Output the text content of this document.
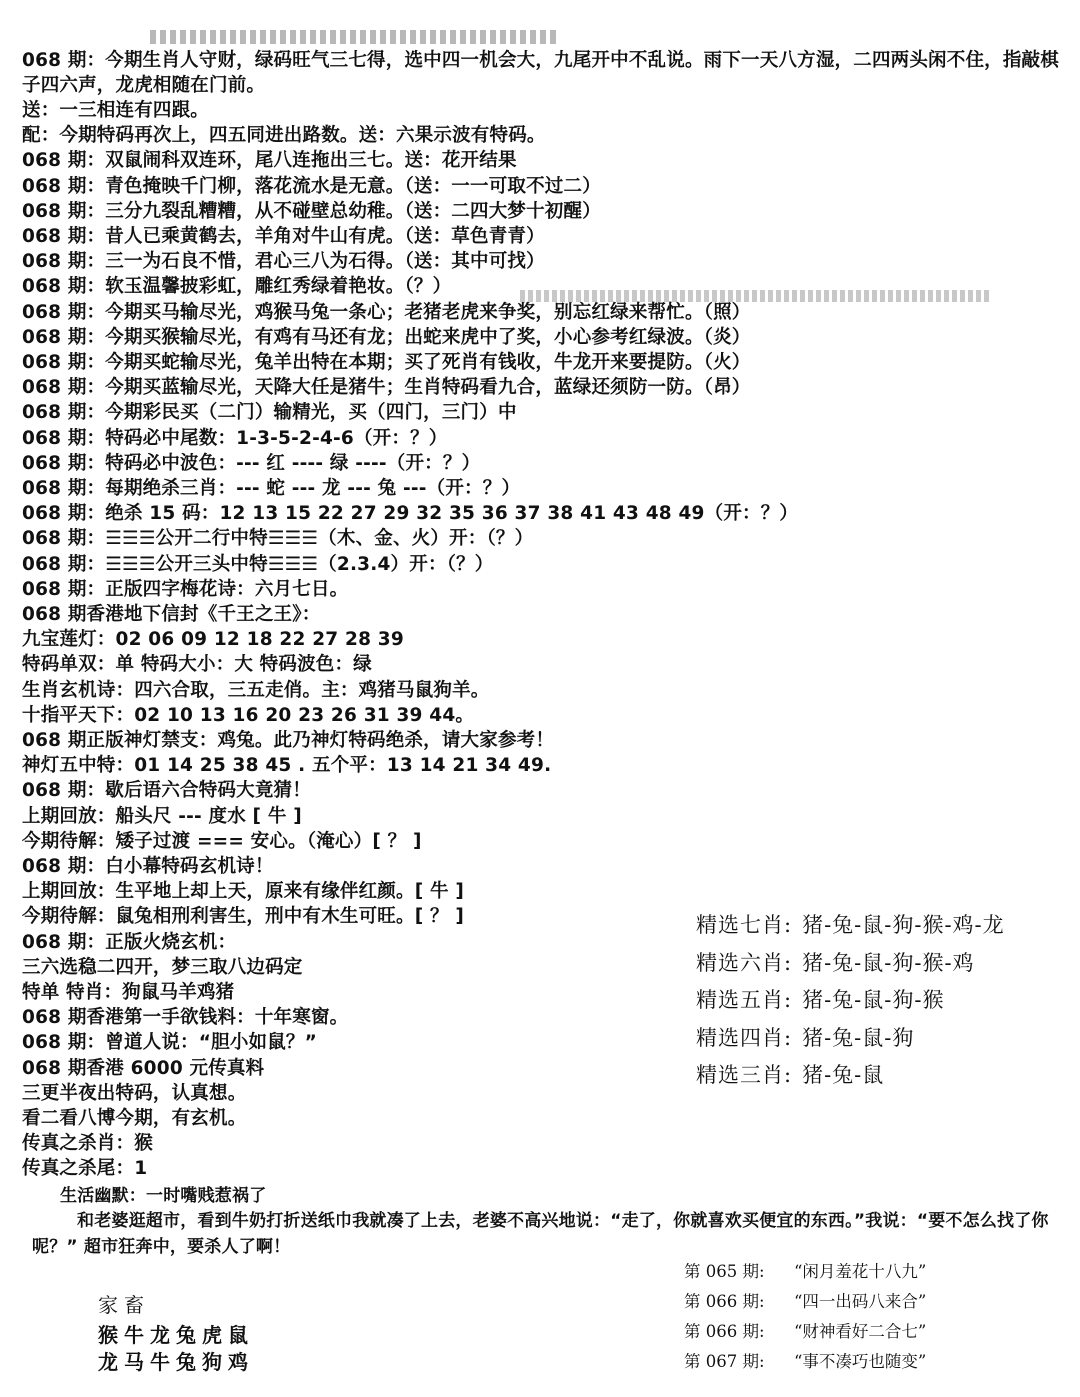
068 期：今期生肖人守财，绿码旺气三七得，选中四一机会大，九尾开中不乱说。雨下一天八方湿，二四两头闲不住，指敲棋子四六声，龙虎相随在门前。
送：一三相连有四跟。
配：今期特码再次上，四五同进出路数。送：六果示波有特码。
068 期：双鼠闹科双连环，尾八连拖出三七。送：花开结果
068 期：青色掩映千门柳，落花流水是无意。（送：一一可取不过二）
068 期：三分九裂乱糟糟，从不碰壁总幼稚。（送：二四大梦十初醒）
068 期：昔人已乘黄鹤去，羊角对牛山有虎。（送：草色青青）
068 期：三一为石良不惜，君心三八为石得。（送：其中可找）
068 期：软玉温馨披彩虹，雕红秀绿着艳妆。（？）
068 期：今期买马输尽光，鸡猴马兔一条心；老猪老虎来争奖，别忘红绿来帮忙。（照）
068 期：今期买猴输尽光，有鸡有马还有龙；出蛇来虎中了奖，小心参考红绿波。（炎）
068 期：今期买蛇输尽光，兔羊出特在本期；买了死肖有钱收，牛龙开来要提防。（火）
068 期：今期买蓝输尽光，天降大任是猪牛；生肖特码看九合，蓝绿还须防一防。（昂）
068 期：今期彩民买（二门）输精光，买（四门，三门）中
068 期：特码必中尾数：1-3-5-2-4-6（开：？）
068 期：特码必中波色：--- 红 ---- 绿 ----（开：？）
068 期：每期绝杀三肖：--- 蛇 --- 龙 --- 兔 ---（开：？）
068 期：绝杀 15 码：12 13 15 22 27 29 32 35 36 37 38 41 43 48 49（开：？）
068 期：☰☰☰公开二行中特☰☰☰（木、金、火）开：（？）
068 期：☰☰☰公开三头中特☰☰☰（2.3.4）开：（？）
068 期：正版四字梅花诗：六月七日。
068 期香港地下信封《千王之王》：
九宝莲灯：02 06 09 12 18 22 27 28 39
特码单双：单 特码大小：大 特码波色：绿
生肖玄机诗：四六合取，三五走俏。主：鸡猪马鼠狗羊。
十指平天下：02 10 13 16 20 23 26 31 39 44。
068 期正版神灯禁支：鸡兔。此乃神灯特码绝杀，请大家参考！
神灯五中特：01 14 25 38 45 . 五个平：13 14 21 34 49.
068 期：歇后语六合特码大竟猜！
上期回放：船头尺 --- 度水 [ 牛 ]
今期待解：矮子过渡 === 安心。（淹心）[ ？ ]
068 期：白小幕特码玄机诗！
上期回放：生平地上却上天，原来有缘伴红颜。[ 牛 ]
今期待解：鼠兔相刑利害生，刑中有木生可旺。[ ？ ]
068 期：正版火烧玄机：
三六选稳二四开，梦三取八边码定
特单 特肖：狗鼠马羊鸡猪
068 期香港第一手欲钱料：十年寒窗。
068 期：曾道人说：“胆小如鼠？”
068 期香港 6000 元传真料
三更半夜出特码，认真想。
看二看八博今期，有玄机。
传真之杀肖：猴
传真之杀尾：1
生活幽默：一时嘴贱惹祸了
和老婆逛超市，看到牛奶打折送纸巾我就凑了上去，老婆不高兴地说：“走了，你就喜欢买便宜的东西。”我说：“要不怎么找了你呢？” 超市狂奔中，要杀人了啊！
精选七肖: 猪-兔-鼠-狗-猴-鸡-龙
精选六肖: 猪-兔-鼠-狗-猴-鸡
精选五肖: 猪-兔-鼠-狗-猴
精选四肖: 猪-兔-鼠-狗
精选三肖: 猪-兔-鼠
第 065 期: “闲月羞花十八九”
第 066 期: “四一出码八来合”
第 066 期: “财神看好二合七”
第 067 期: “事不凑巧也随变”
家畜
猴牛龙兔虎鼠
龙马牛兔狗鸡
